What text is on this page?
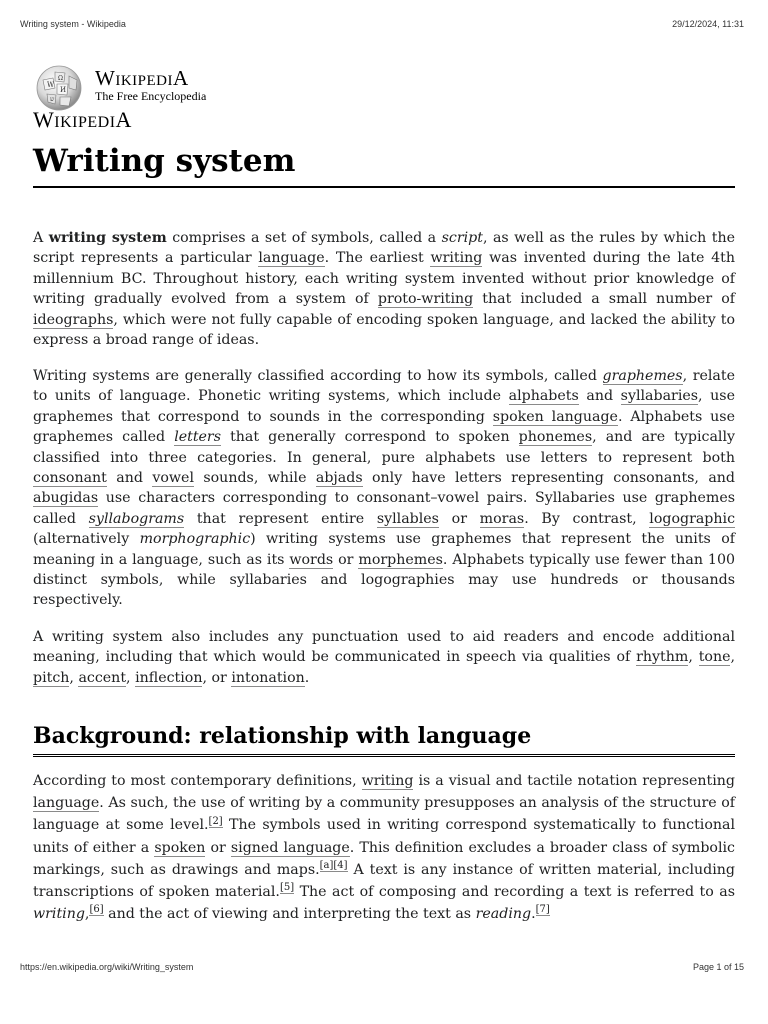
Writing system - Wikipedia	29/12/2024, 11:31
W
Ω
И
ש
WIKIPEDIA
The Free Encyclopedia
WIKIPEDIA
Writing system

A writing system comprises a set of symbols, called a script, as well as the rules by which the script represents a particular language. The earliest writing was invented during the late 4th millennium BC. Throughout history, each writing system invented without prior knowledge of writing gradually evolved from a system of proto-writing that included a small number of ideographs, which were not fully capable of encoding spoken language, and lacked the ability to express a broad range of ideas.

Writing systems are generally classified according to how its symbols, called graphemes, relate to units of language. Phonetic writing systems, which include alphabets and syllabaries, use graphemes that correspond to sounds in the corresponding spoken language. Alphabets use graphemes called letters that generally correspond to spoken phonemes, and are typically classified into three categories. In general, pure alphabets use letters to represent both consonant and vowel sounds, while abjads only have letters representing consonants, and abugidas use characters corresponding to consonant–vowel pairs. Syllabaries use graphemes called syllabograms that represent entire syllables or moras. By contrast, logographic (alternatively morphographic) writing systems use graphemes that represent the units of meaning in a language, such as its words or morphemes. Alphabets typically use fewer than 100 distinct symbols, while syllabaries and logographies may use hundreds or thousands respectively.

A writing system also includes any punctuation used to aid readers and encode additional meaning, including that which would be communicated in speech via qualities of rhythm, tone, pitch, accent, inflection, or intonation.

Background: relationship with language

According to most contemporary definitions, writing is a visual and tactile notation representing language. As such, the use of writing by a community presupposes an analysis of the structure of language at some level.[2] The symbols used in writing correspond systematically to functional units of either a spoken or signed language. This definition excludes a broader class of symbolic markings, such as drawings and maps.[a][4] A text is any instance of written material, including transcriptions of spoken material.[5] The act of composing and recording a text is referred to as writing,[6] and the act of viewing and interpreting the text as reading.[7]

https://en.wikipedia.org/wiki/Writing_system	Page 1 of 15
